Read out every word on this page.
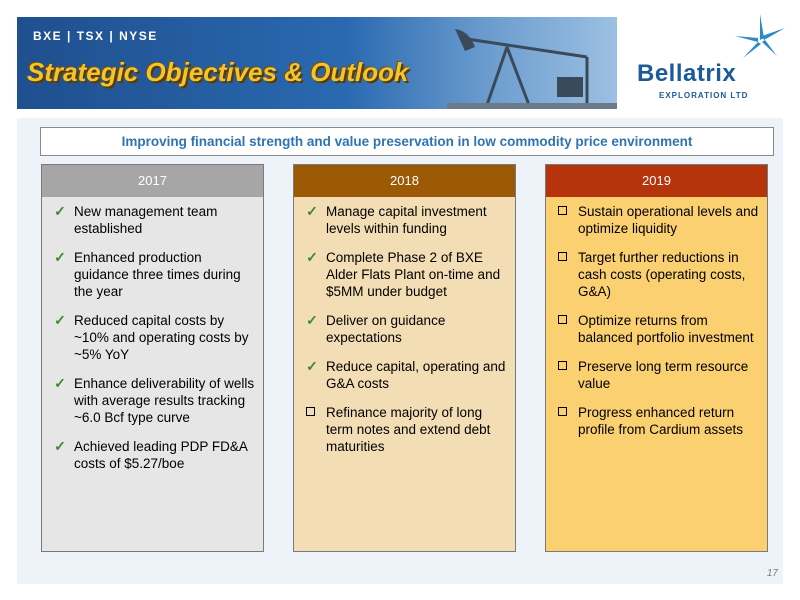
BXE | TSX | NYSE
Strategic Objectives & Outlook	Bellatrix
EXPLORATION LTD
Improving financial strength and value preservation in low commodity price environment
2017
✓ New management team established
✓ Enhanced production guidance three times during the year
✓ Reduced capital costs by ~10% and operating costs by ~5% YoY
✓ Enhance deliverability of wells with average results tracking ~6.0 Bcf type curve
✓ Achieved leading PDP FD&A costs of $5.27/boe
2018
✓ Manage capital investment levels within funding
✓ Complete Phase 2 of BXE Alder Flats Plant on-time and $5MM under budget
✓ Deliver on guidance expectations
✓ Reduce capital, operating and G&A costs
Refinance majority of long term notes and extend debt maturities
2019
Sustain operational levels and optimize liquidity
Target further reductions in cash costs (operating costs, G&A)
Optimize returns from balanced portfolio investment
Preserve long term resource value
Progress enhanced return profile from Cardium assets
17
